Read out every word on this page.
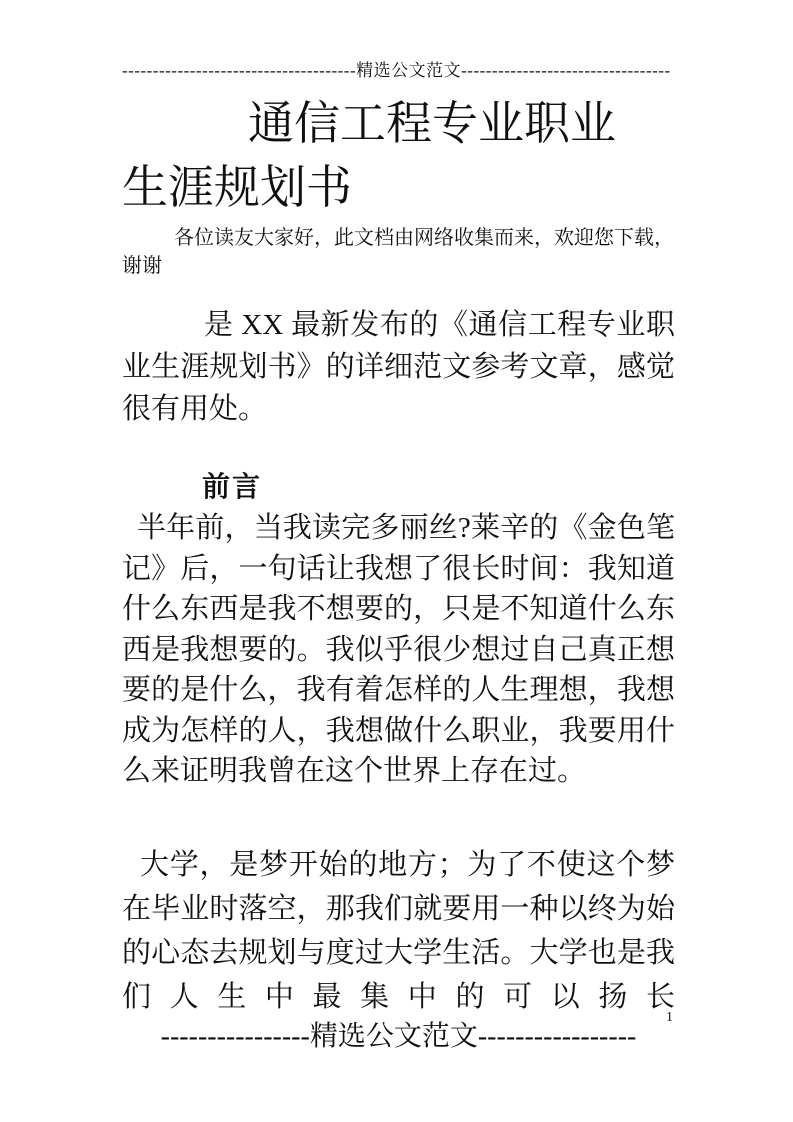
--------------------------------------精选公文范文----------------------------------
通信工程专业职业生涯规划书
各位读友大家好，此文档由网络收集而来，欢迎您下载，谢谢
是 XX 最新发布的《通信工程专业职业生涯规划书》的详细范文参考文章，感觉很有用处。
前言
半年前，当我读完多丽丝?莱辛的《金色笔记》后，一句话让我想了很长时间：我知道什么东西是我不想要的，只是不知道什么东西是我想要的。我似乎很少想过自己真正想要的是什么，我有着怎样的人生理想，我想成为怎样的人，我想做什么职业，我要用什么来证明我曾在这个世界上存在过。
大学，是梦开始的地方；为了不使这个梦在毕业时落空，那我们就要用一种以终为始的心态去规划与度过大学生活。大学也是我们人生中最集中的可以扬长
1
----------------精选公文范文-----------------
